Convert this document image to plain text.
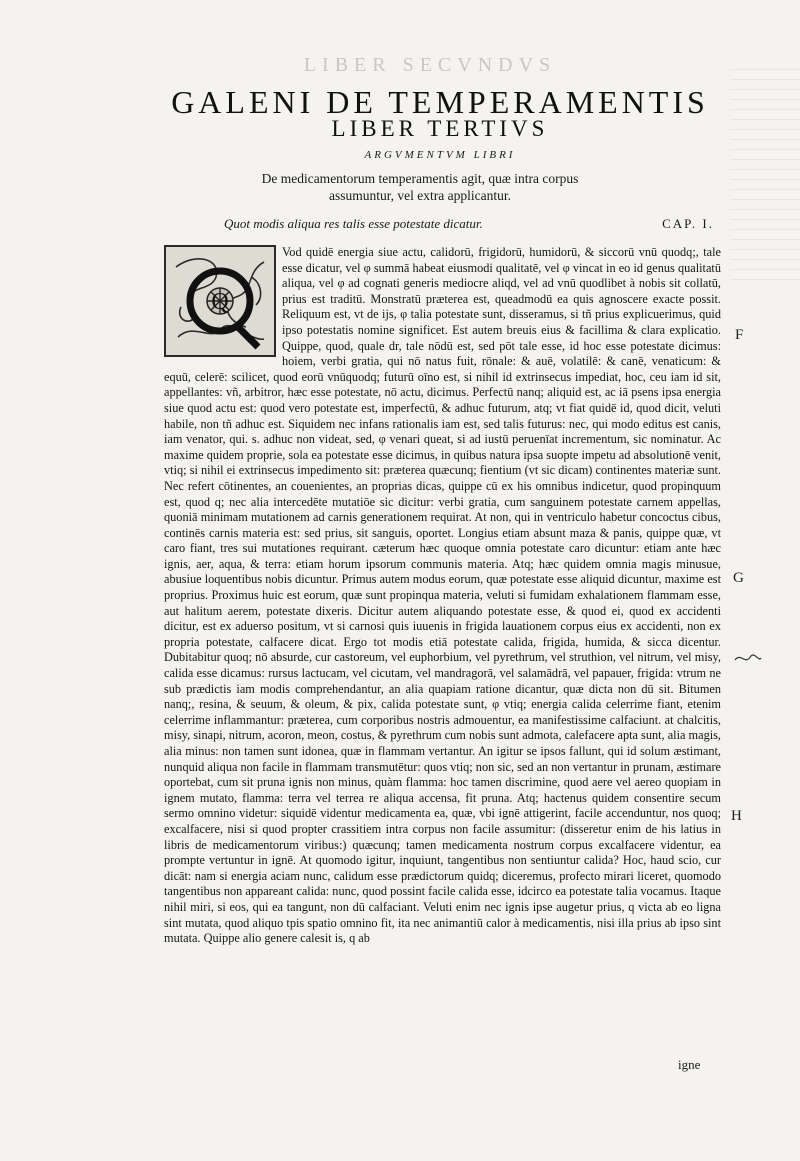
LIBER SECVNDVS
GALENI DE TEMPERAMENTIS
LIBER TERTIVS
ARGVMENTVM LIBRI
De medicamentorum temperamentis agit, quæ intra corpus assumuntur, vel extra applicantur.
Quot modis aliqua res talis esse potestate dicatur.	CAP. I.
Q

Vod quidē energia siue actu, calidorū, frigidorū, humidorū, & siccorū vnū quodq;, tale esse dicatur, vel φ summā habeat eiusmodi qualitatē, vel φ vincat in eo id genus qualitatū aliqua, vel φ ad cognati generis mediocre aliqd, vel ad vnū quodlibet à nobis sit collatū, prius est traditū. Monstratū præterea est, queadmodū ea quis agnoscere exacte possit. Reliquum est, vt de ijs, φ talia potestate sunt, disseramus, si tñ prius explicuerimus, quid ipso potestatis nomine significet. Est autem breuis eius & facillima & clara explicatio. Quippe, quod, quale dr, tale nōdū est, sed pōt tale esse, id hoc esse potestate dicimus: hoiem, verbi gratia, qui nō natus fuit, rōnale: & auē, volatilē: & canē, venaticum: & equū, celerē: scilicet, quod eorū vnūquodq; futurū oīno est, si nihil id extrinsecus impediat, hoc, ceu iam id sit, appellantes: vñ, arbitror, hæc esse potestate, nō actu, dicimus. Perfectū nanq; aliquid est, ac iā psens ipsa energia siue quod actu est: quod vero potestate est, imperfectū, & adhuc futurum, atq; vt fiat quidē id, quod dicit, veluti habile, non tñ adhuc est. Siquidem nec infans rationalis iam est, sed talis futurus: nec, qui modo editus est canis, iam venator, qui. s. adhuc non videat, sed, φ venari queat, si ad iustū peruenīat incrementum, sic nominatur. Ac maxime quidem proprie, sola ea potestate esse dicimus, in quibus natura ipsa suopte impetu ad absolutionē venit, vtiq; si nihil ei extrinsecus impedimento sit: præterea quæcunq; fientium (vt sic dicam) continentes materiæ sunt. Nec refert cōtinentes, an couenientes, an proprias dicas, quippe cū ex his omnibus indicetur, quod propinquum est, quod q; nec alia intercedēte mutatiōe sic dicitur: verbi gratia, cum sanguinem potestate carnem appellas, quoniā minimam mutationem ad carnis generationem requirat. At non, qui in ventriculo habetur concoctus cibus, continēs carnis materia est: sed prius, sit sanguis, oportet. Longius etiam absunt maza & panis, quippe quæ, vt caro fiant, tres sui mutationes requirant. cæterum hæc quoque omnia potestate caro dicuntur: etiam ante hæc ignis, aer, aqua, & terra: etiam horum ipsorum communis materia. Atq; hæc quidem omnia magis minusue, abusiue loquentibus nobis dicuntur. Primus autem modus eorum, quæ potestate esse aliquid dicuntur, maxime est proprius. Proximus huic est eorum, quæ sunt propinqua materia, veluti si fumidam exhalationem flammam esse, aut halitum aerem, potestate dixeris. Dicitur autem aliquando potestate esse, & quod ei, quod ex accidenti dicitur, est ex aduerso positum, vt si carnosi quis iuuenis in frigida lauationem corpus eius ex accidenti, non ex propria potestate, calfacere dicat. Ergo tot modis etiā potestate calida, frigida, humida, & sicca dicentur. Dubitabitur quoq; nō absurde, cur castoreum, vel euphorbium, vel pyrethrum, vel struthion, vel nitrum, vel misy, calida esse dicamus: rursus lactucam, vel cicutam, vel mandragorā, vel salamādrā, vel papauer, frigida: vtrum ne sub prædictis iam modis comprehendantur, an alia quapiam ratione dicantur, quæ dicta non dū sit. Bitumen nanq;, resina, & seuum, & oleum, & pix, calida potestate sunt, φ vtiq; energia calida celerrime fiant, etenim celerrime inflammantur: præterea, cum corporibus nostris admouentur, ea manifestissime calfaciunt. at chalcitis, misy, sinapi, nitrum, acoron, meon, costus, & pyrethrum cum nobis sunt admota, calefacere apta sunt, alia magis, alia minus: non tamen sunt idonea, quæ in flammam vertantur. An igitur se ipsos fallunt, qui id solum æstimant, nunquid aliqua non facile in flammam transmutētur: quos vtiq; non sic, sed an non vertantur in prunam, æstimare oportebat, cum sit pruna ignis non minus, quàm flamma: hoc tamen discrimine, quod aere vel aereo quopiam in ignem mutato, flamma: terra vel terrea re aliqua accensa, fit pruna. Atq; hactenus quidem consentire secum sermo omnino videtur: siquidē videntur medicamenta ea, quæ, vbi ignē attigerint, facile accenduntur, nos quoq; excalfacere, nisi si quod propter crassitiem intra corpus non facile assumitur: (disseretur enim de his latius in libris de medicamentorum viribus:) quæcunq; tamen medicamenta nostrum corpus excalfacere videntur, ea prompte vertuntur in ignē. At quomodo igitur, inquiunt, tangentibus non sentiuntur calida? Hoc, haud scio, cur dicāt: nam si energia aciam nunc, calidum esse prædictorum quidq; diceremus, profecto mirari liceret, quomodo tangentibus non appareant calida: nunc, quod possint facile calida esse, idcirco ea potestate talia vocamus. Itaque nihil miri, si eos, qui ea tangunt, non dū calfaciant. Veluti enim nec ignis ipse augetur prius, q victa ab eo ligna sint mutata, quod aliquo tpis spatio omnino fit, ita nec animantiū calor à medicamentis, nisi illa prius ab ipso sint mutata. Quippe alio genere calesit is, q ab

F
G
H
igne
